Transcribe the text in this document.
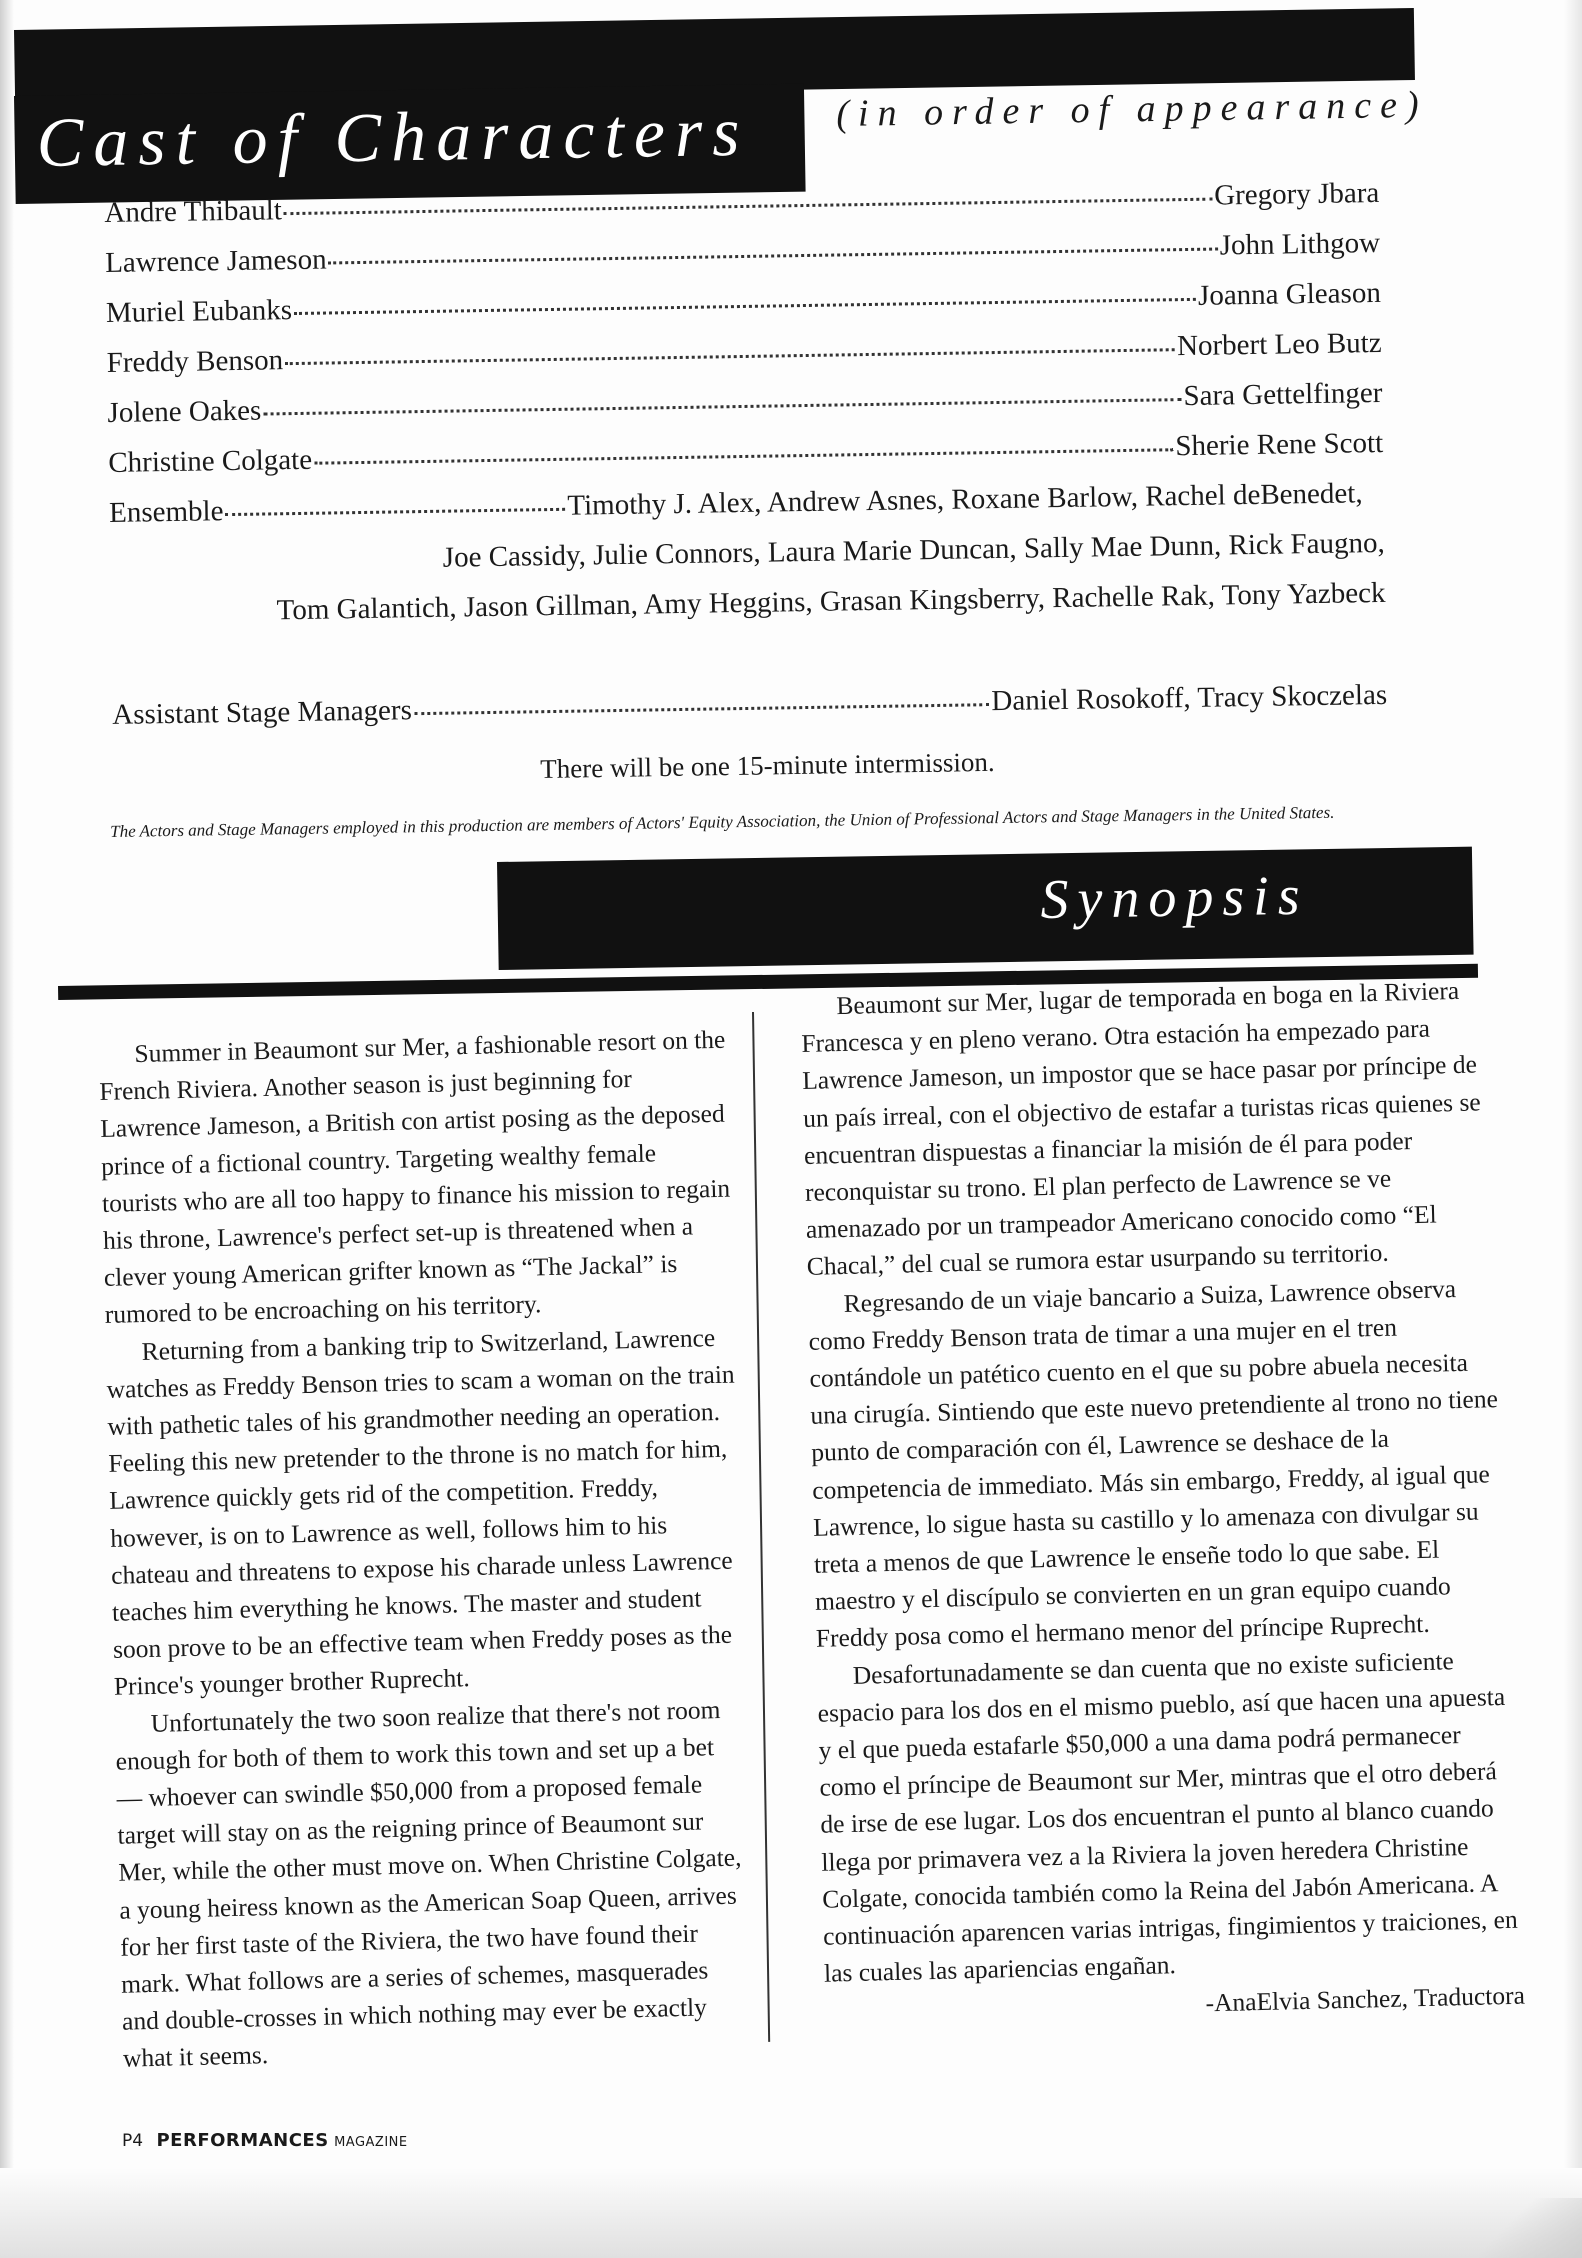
Cast of Characters (in order of appearance)
Andre Thibault	Gregory Jbara
Lawrence Jameson	John Lithgow
Muriel Eubanks	Joanna Gleason
Freddy Benson	Norbert Leo Butz
Jolene Oakes	Sara Gettelfinger
Christine Colgate	Sherie Rene Scott
Ensemble	Timothy J. Alex, Andrew Asnes, Roxane Barlow, Rachel deBenedet,
Joe Cassidy, Julie Connors, Laura Marie Duncan, Sally Mae Dunn, Rick Faugno,
Tom Galantich, Jason Gillman, Amy Heggins, Grasan Kingsberry, Rachelle Rak, Tony Yazbeck
Assistant Stage Managers	Daniel Rosokoff, Tracy Skoczelas
There will be one 15-minute intermission.
The Actors and Stage Managers employed in this production are members of Actors' Equity Association, the Union of Professional Actors and Stage Managers in the United States.
Synopsis

Summer in Beaumont sur Mer, a fashionable resort on the French Riviera. Another season is just beginning for Lawrence Jameson, a British con artist posing as the deposed prince of a fictional country. Targeting wealthy female tourists who are all too happy to finance his mission to regain his throne, Lawrence's perfect set-up is threatened when a clever young American grifter known as “The Jackal” is rumored to be encroaching on his territory.

Returning from a banking trip to Switzerland, Lawrence watches as Freddy Benson tries to scam a woman on the train with pathetic tales of his grandmother needing an operation. Feeling this new pretender to the throne is no match for him, Lawrence quickly gets rid of the competition. Freddy, however, is on to Lawrence as well, follows him to his chateau and threatens to expose his charade unless Lawrence teaches him everything he knows. The master and student soon prove to be an effective team when Freddy poses as the Prince's younger brother Ruprecht.

Unfortunately the two soon realize that there's not room enough for both of them to work this town and set up a bet — whoever can swindle $50,000 from a proposed female target will stay on as the reigning prince of Beaumont sur Mer, while the other must move on. When Christine Colgate, a young heiress known as the American Soap Queen, arrives for her first taste of the Riviera, the two have found their mark. What follows are a series of schemes, masquerades and double-crosses in which nothing may ever be exactly what it seems.

Beaumont sur Mer, lugar de temporada en boga en la Riviera Francesca y en pleno verano. Otra estación ha empezado para Lawrence Jameson, un impostor que se hace pasar por príncipe de un país irreal, con el objectivo de estafar a turistas ricas quienes se encuentran dispuestas a financiar la misión de él para poder reconquistar su trono. El plan perfecto de Lawrence se ve amenazado por un trampeador Americano conocido como “El Chacal,” del cual se rumora estar usurpando su territorio.

Regresando de un viaje bancario a Suiza, Lawrence observa como Freddy Benson trata de timar a una mujer en el tren contándole un patético cuento en el que su pobre abuela necesita una cirugía. Sintiendo que este nuevo pretendiente al trono no tiene punto de comparación con él, Lawrence se deshace de la competencia de immediato. Más sin embargo, Freddy, al igual que Lawrence, lo sigue hasta su castillo y lo amenaza con divulgar su treta a menos de que Lawrence le enseñe todo lo que sabe. El maestro y el discípulo se convierten en un gran equipo cuando Freddy posa como el hermano menor del príncipe Ruprecht.

Desafortunadamente se dan cuenta que no existe suficiente espacio para los dos en el mismo pueblo, así que hacen una apuesta y el que pueda estafarle $50,000 a una dama podrá permanecer como el príncipe de Beaumont sur Mer, mintras que el otro deberá de irse de ese lugar. Los dos encuentran el punto al blanco cuando llega por primavera vez a la Riviera la joven heredera Christine Colgate, conocida también como la Reina del Jabón Americana. A continuación aparencen varias intrigas, fingimientos y traiciones, en las cuales las apariencias engañan.

-AnaElvia Sanchez, Traductora
P4 PERFORMANCES MAGAZINE
